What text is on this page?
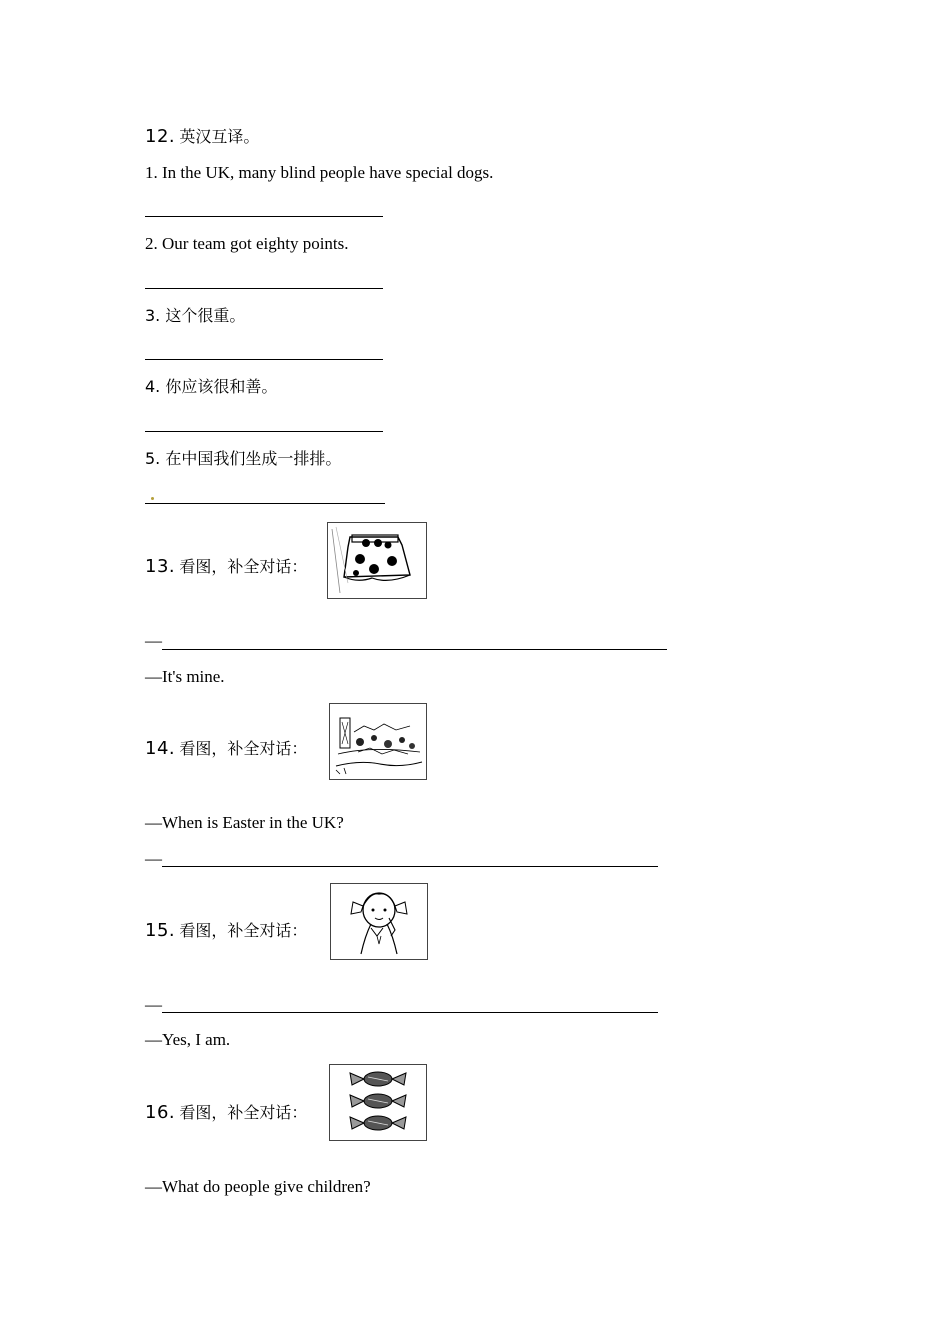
12. 英汉互译。
1. In the UK, many blind people have special dogs.
2. Our team got eighty points.
3. 这个很重。
4. 你应该很和善。
5. 在中国我们坐成一排排。
13. 看图，补全对话：
—
—It's mine.
14. 看图，补全对话：
—When is Easter in the UK?
—
15. 看图，补全对话：
—
—Yes, I am.
16. 看图，补全对话：
—What do people give children?
